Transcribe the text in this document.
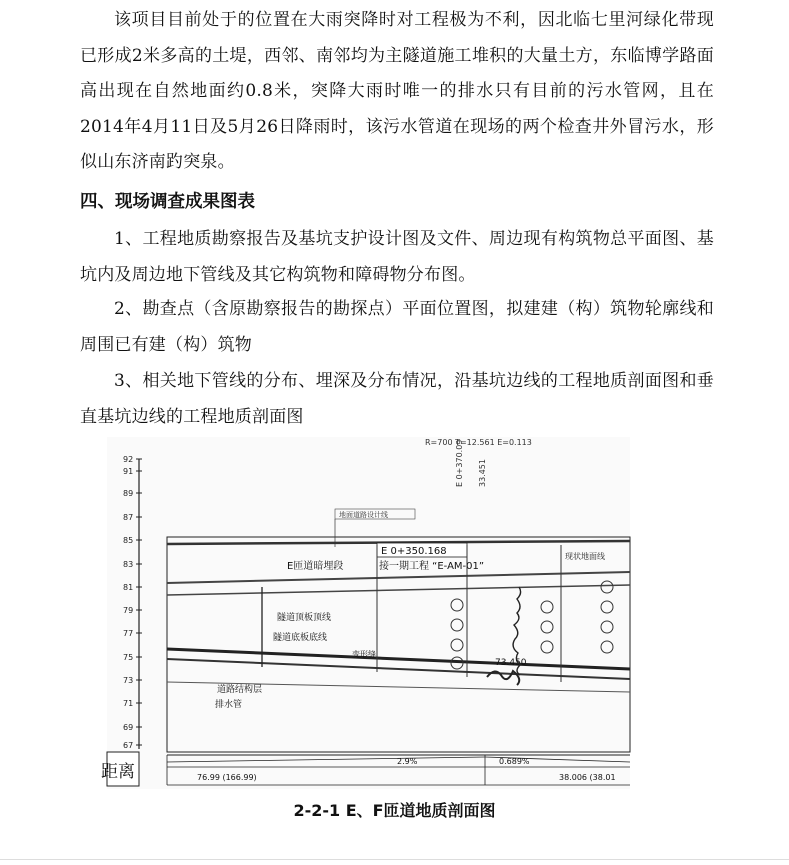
该项目目前处于的位置在大雨突降时对工程极为不利，因北临七里河绿化带现已形成2米多高的土堤，西邻、南邻均为主隧道施工堆积的大量土方，东临博学路面高出现在自然地面约0.8米，突降大雨时唯一的排水只有目前的污水管网，且在2014年4月11日及5月26日降雨时，该污水管道在现场的两个检查井外冒污水，形似山东济南趵突泉。
四、现场调查成果图表
1、工程地质勘察报告及基坑支护设计图及文件、周边现有构筑物总平面图、基坑内及周边地下管线及其它构筑物和障碍物分布图。
2、勘查点（含原勘察报告的勘探点）平面位置图，拟建建（构）筑物轮廓线和周围已有建（构）筑物
3、相关地下管线的分布、埋深及分布情况，沿基坑边线的工程地质剖面图和垂直基坑边线的工程地质剖面图
R=700 T=12.561 E=0.113
E 0+370.09 33.451
92
91
89
87
85
83
81
79
77
75
73
71
69
67
地面道路设计线
E 0+350.168
E匝道暗埋段	接一期工程 “E-AM-01”
现状地面线
隧道顶板顶线
隧道底板底线
变形缝
道路结构层
排水管
73.450
2.9%	0.689%
76.99 (166.99)	38.006 (38.01
距离
2-2-1 E、F匝道地质剖面图
